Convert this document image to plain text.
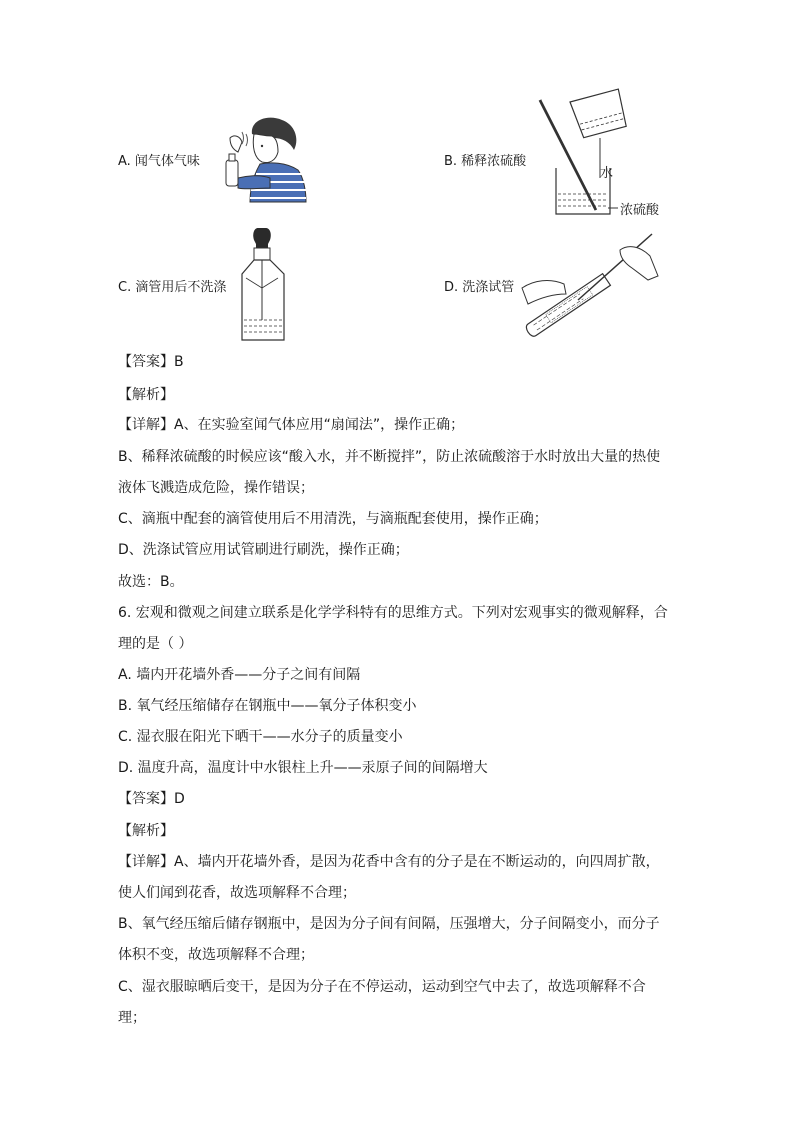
A. 闻气体气味	B. 稀释浓硫酸
水
浓硫酸
C. 滴管用后不洗涤	D. 洗涤试管
【答案】B
【解析】
【详解】A、在实验室闻气体应用“扇闻法”，操作正确；
B、稀释浓硫酸的时候应该“酸入水，并不断搅拌”，防止浓硫酸溶于水时放出大量的热使
液体飞溅造成危险，操作错误；
C、滴瓶中配套的滴管使用后不用清洗，与滴瓶配套使用，操作正确；
D、洗涤试管应用试管刷进行刷洗，操作正确；
故选：B。
6. 宏观和微观之间建立联系是化学学科特有的思维方式。下列对宏观事实的微观解释，合
理的是（ ）
A. 墙内开花墙外香——分子之间有间隔
B. 氧气经压缩储存在钢瓶中——氧分子体积变小
C. 湿衣服在阳光下晒干——水分子的质量变小
D. 温度升高，温度计中水银柱上升——汞原子间的间隔增大
【答案】D
【解析】
【详解】A、墙内开花墙外香，是因为花香中含有的分子是在不断运动的，向四周扩散，
使人们闻到花香，故选项解释不合理；
B、氧气经压缩后储存钢瓶中，是因为分子间有间隔，压强增大，分子间隔变小，而分子
体积不变，故选项解释不合理；
C、湿衣服晾晒后变干，是因为分子在不停运动，运动到空气中去了，故选项解释不合
理；
